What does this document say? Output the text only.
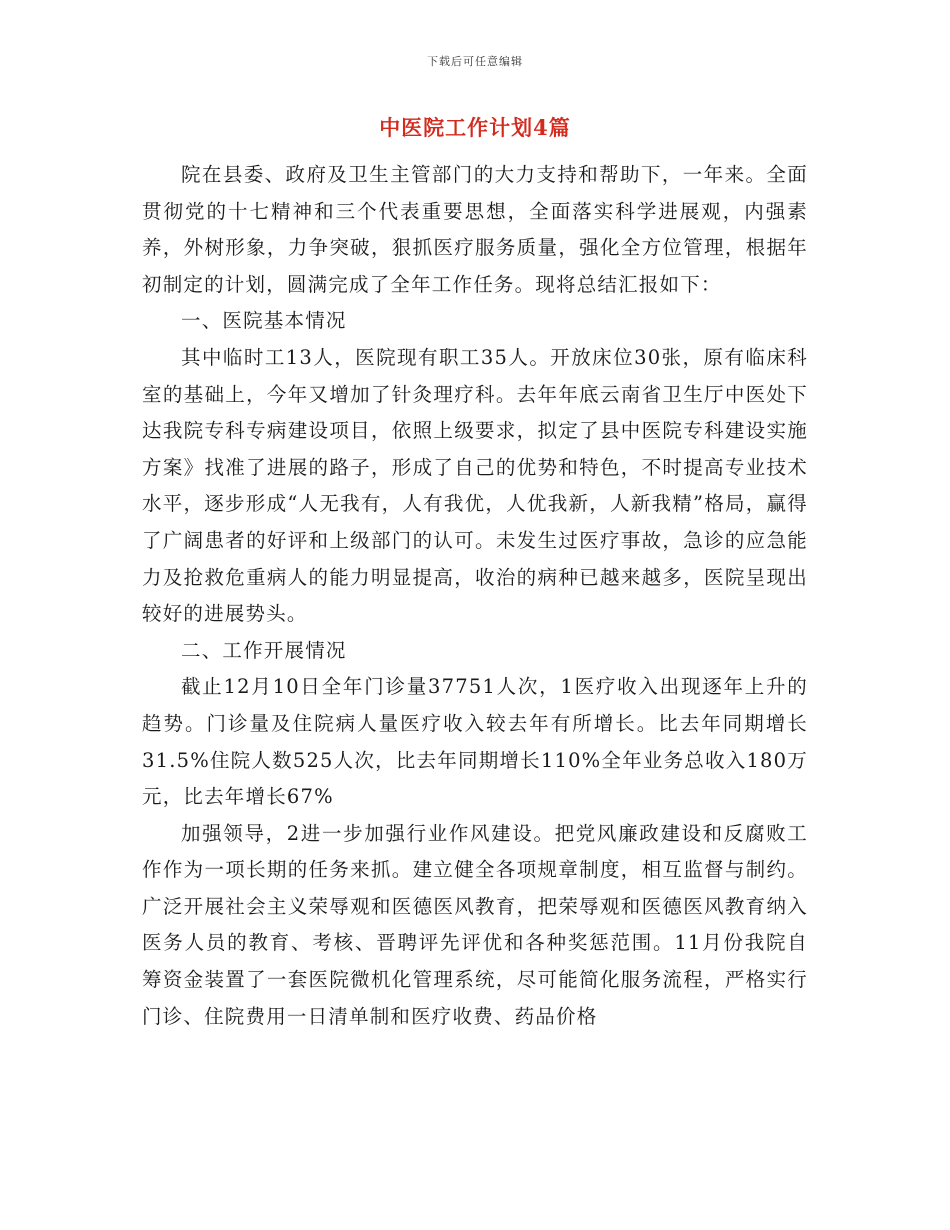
下载后可任意编辑
中医院工作计划4篇

院在县委、政府及卫生主管部门的大力支持和帮助下，一年来。全面贯彻党的十七精神和三个代表重要思想，全面落实科学进展观，内强素养，外树形象，力争突破，狠抓医疗服务质量，强化全方位管理，根据年初制定的计划，圆满完成了全年工作任务。现将总结汇报如下：

一、医院基本情况

其中临时工13人，医院现有职工35人。开放床位30张，原有临床科室的基础上，今年又增加了针灸理疗科。去年年底云南省卫生厅中医处下达我院专科专病建设项目，依照上级要求，拟定了县中医院专科建设实施方案》找准了进展的路子，形成了自己的优势和特色，不时提高专业技术水平，逐步形成“人无我有，人有我优，人优我新，人新我精”格局，赢得了广阔患者的好评和上级部门的认可。未发生过医疗事故，急诊的应急能力及抢救危重病人的能力明显提高，收治的病种已越来越多，医院呈现出较好的进展势头。

二、工作开展情况

截止12月10日全年门诊量37751人次，1医疗收入出现逐年上升的趋势。门诊量及住院病人量医疗收入较去年有所增长。比去年同期增长31.5%住院人数525人次，比去年同期增长110%全年业务总收入180万元，比去年增长67%

加强领导，2进一步加强行业作风建设。把党风廉政建设和反腐败工作作为一项长期的任务来抓。建立健全各项规章制度，相互监督与制约。广泛开展社会主义荣辱观和医德医风教育，把荣辱观和医德医风教育纳入医务人员的教育、考核、晋聘评先评优和各种奖惩范围。11月份我院自筹资金装置了一套医院微机化管理系统，尽可能简化服务流程，严格实行门诊、住院费用一日清单制和医疗收费、药品价格
